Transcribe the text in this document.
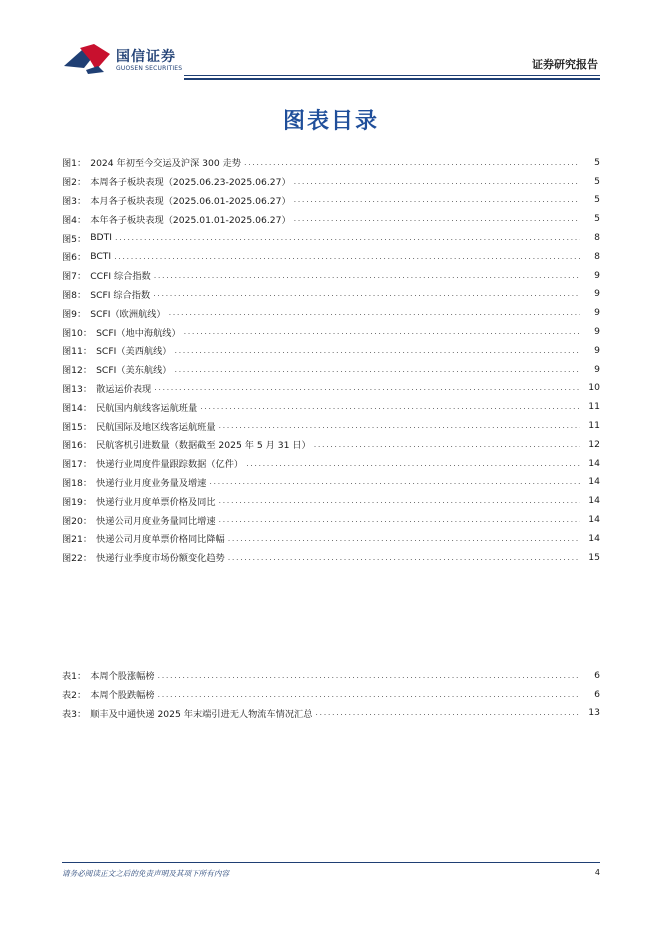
国信证券
GUOSEN SECURITIES	证券研究报告
图表目录
图1： 2024 年初至今交运及沪深 300 走势 .....	5
图2： 本周各子板块表现（2025.06.23-2025.06.27） .....	5
图3： 本月各子板块表现（2025.06.01-2025.06.27） .....	5
图4： 本年各子板块表现（2025.01.01-2025.06.27） .....	5
图5： BDTI .....	8
图6： BCTI .....	8
图7： CCFI 综合指数 .....	9
图8： SCFI 综合指数 .....	9
图9： SCFI（欧洲航线） .....	9
图10： SCFI（地中海航线） .....	9
图11： SCFI（美西航线） .....	9
图12： SCFI（美东航线） .....	9
图13： 散运运价表现 .....	10
图14： 民航国内航线客运航班量 .....	11
图15： 民航国际及地区线客运航班量 .....	11
图16： 民航客机引进数量（数据截至 2025 年 5 月 31 日） .....	12
图17： 快递行业周度件量跟踪数据（亿件） .....	14
图18： 快递行业月度业务量及增速 .....	14
图19： 快递行业月度单票价格及同比 .....	14
图20： 快递公司月度业务量同比增速 .....	14
图21： 快递公司月度单票价格同比降幅 .....	14
图22： 快递行业季度市场份额变化趋势 .....	15
表1： 本周个股涨幅榜 .....	6
表2： 本周个股跌幅榜 .....	6
表3： 顺丰及中通快递 2025 年末端引进无人物流车情况汇总 .....	13
请务必阅读正文之后的免责声明及其项下所有内容	4
